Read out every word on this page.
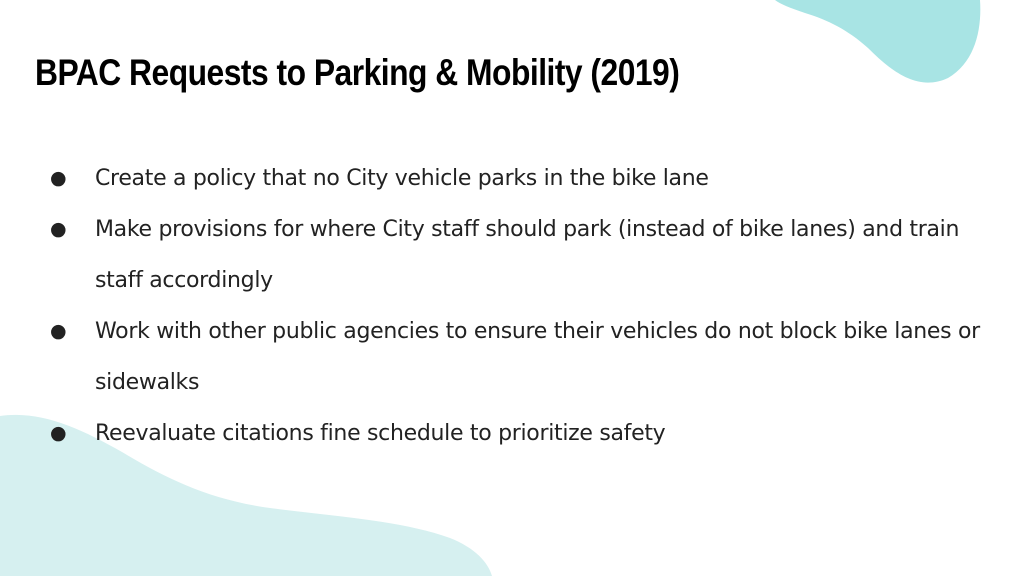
BPAC Requests to Parking & Mobility (2019)
● Create a policy that no City vehicle parks in the bike lane
● Make provisions for where City staff should park (instead of bike lanes) and train staff accordingly
● Work with other public agencies to ensure their vehicles do not block bike lanes or sidewalks
● Reevaluate citations fine schedule to prioritize safety
